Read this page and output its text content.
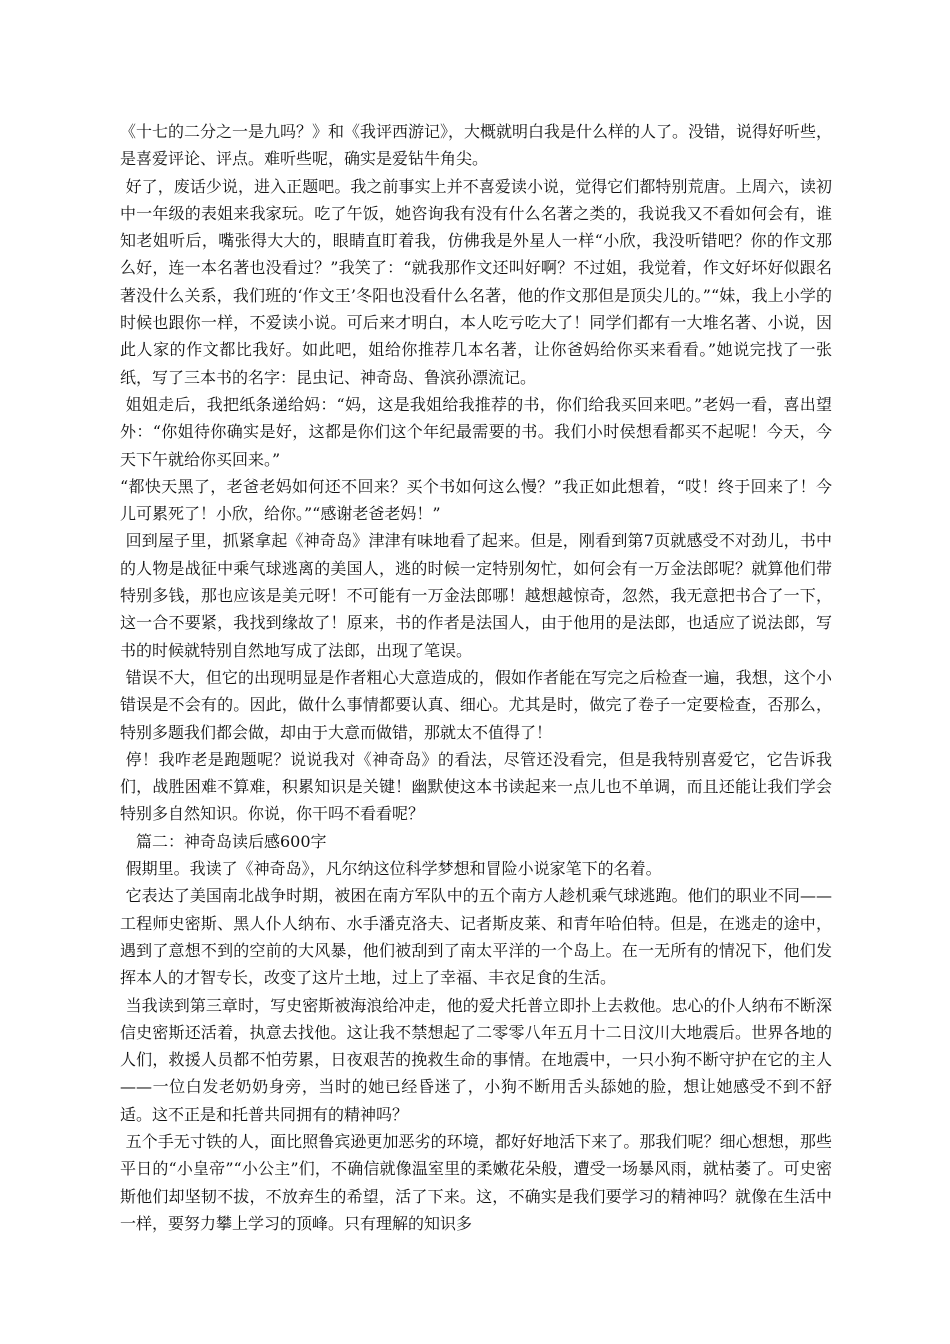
《十七的二分之一是九吗？》和《我评西游记》，大概就明白我是什么样的人了。没错，说得好听些，是喜爱评论、评点。难听些呢，确实是爱钻牛角尖。

好了，废话少说，进入正题吧。我之前事实上并不喜爱读小说，觉得它们都特别荒唐。上周六，读初中一年级的表姐来我家玩。吃了午饭，她咨询我有没有什么名著之类的，我说我又不看如何会有，谁知老姐听后，嘴张得大大的，眼睛直盯着我，仿佛我是外星人一样“小欣，我没听错吧？你的作文那么好，连一本名著也没看过？”我笑了：“就我那作文还叫好啊？不过姐，我觉着，作文好坏好似跟名著没什么关系，我们班的‘作文王’冬阳也没看什么名著，他的作文那但是顶尖儿的。”“妹，我上小学的时候也跟你一样，不爱读小说。可后来才明白，本人吃亏吃大了！同学们都有一大堆名著、小说，因此人家的作文都比我好。如此吧，姐给你推荐几本名著，让你爸妈给你买来看看。”她说完找了一张纸，写了三本书的名字：昆虫记、神奇岛、鲁滨孙漂流记。

姐姐走后，我把纸条递给妈：“妈，这是我姐给我推荐的书，你们给我买回来吧。”老妈一看，喜出望外：“你姐待你确实是好，这都是你们这个年纪最需要的书。我们小时侯想看都买不起呢！今天，今天下午就给你买回来。”

“都快天黑了，老爸老妈如何还不回来？买个书如何这么慢？”我正如此想着，“哎！终于回来了！今儿可累死了！小欣，给你。”“感谢老爸老妈！”

回到屋子里，抓紧拿起《神奇岛》津津有味地看了起来。但是，刚看到第7页就感受不对劲儿，书中的人物是战征中乘气球逃离的美国人，逃的时候一定特别匆忙，如何会有一万金法郎呢？就算他们带特别多钱，那也应该是美元呀！不可能有一万金法郎哪！越想越惊奇，忽然，我无意把书合了一下，这一合不要紧，我找到缘故了！原来，书的作者是法国人，由于他用的是法郎，也适应了说法郎，写书的时候就特别自然地写成了法郎，出现了笔误。

错误不大，但它的出现明显是作者粗心大意造成的，假如作者能在写完之后检查一遍，我想，这个小错误是不会有的。因此，做什么事情都要认真、细心。尤其是时，做完了卷子一定要检查，否那么，特别多题我们都会做，却由于大意而做错，那就太不值得了！

停！我咋老是跑题呢？说说我对《神奇岛》的看法，尽管还没看完，但是我特别喜爱它，它告诉我们，战胜困难不算难，积累知识是关键！幽默使这本书读起来一点儿也不单调，而且还能让我们学会特别多自然知识。你说，你干吗不看看呢？

篇二：神奇岛读后感600字

假期里。我读了《神奇岛》，凡尔纳这位科学梦想和冒险小说家笔下的名着。

它表达了美国南北战争时期，被困在南方军队中的五个南方人趁机乘气球逃跑。他们的职业不同——工程师史密斯、黑人仆人纳布、水手潘克洛夫、记者斯皮莱、和青年哈伯特。但是，在逃走的途中，遇到了意想不到的空前的大风暴，他们被刮到了南太平洋的一个岛上。在一无所有的情况下，他们发挥本人的才智专长，改变了这片土地，过上了幸福、丰衣足食的生活。

当我读到第三章时，写史密斯被海浪给冲走，他的爱犬托普立即扑上去救他。忠心的仆人纳布不断深信史密斯还活着，执意去找他。这让我不禁想起了二零零八年五月十二日汶川大地震后。世界各地的人们，救援人员都不怕劳累，日夜艰苦的挽救生命的事情。在地震中，一只小狗不断守护在它的主人——一位白发老奶奶身旁，当时的她已经昏迷了，小狗不断用舌头舔她的脸，想让她感受不到不舒适。这不正是和托普共同拥有的精神吗？

五个手无寸铁的人，面比照鲁宾逊更加恶劣的环境，都好好地活下来了。那我们呢？细心想想，那些平日的“小皇帝”“小公主”们，不确信就像温室里的柔嫩花朵般，遭受一场暴风雨，就枯萎了。可史密斯他们却坚韧不拔，不放弃生的希望，活了下来。这，不确实是我们要学习的精神吗？就像在生活中一样，要努力攀上学习的顶峰。只有理解的知识多
